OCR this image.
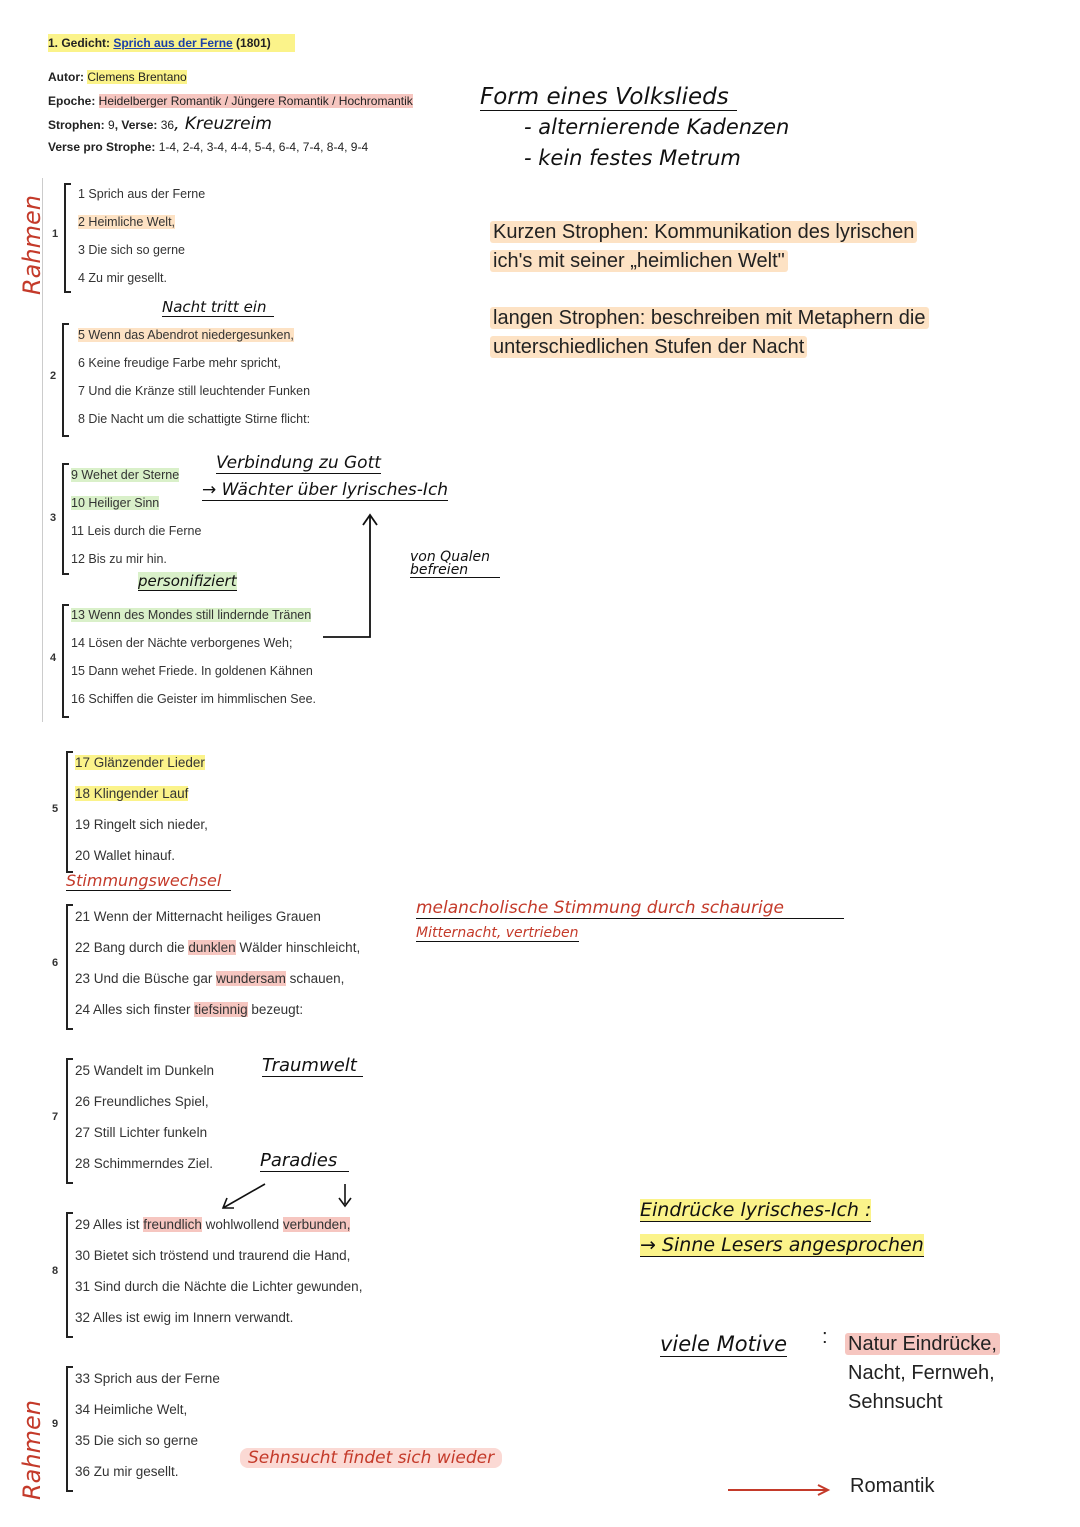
1. Gedicht: Sprich aus der Ferne (1801)
Autor: Clemens Brentano
Epoche: Heidelberger Romantik / Jüngere Romantik / Hochromantik
Strophen: 9, Verse: 36, Kreuzreim
Verse pro Strophe: 1-4, 2-4, 3-4, 4-4, 5-4, 6-4, 7-4, 8-4, 9-4
Rahmen
Rahmen
1
1 Sprich aus der Ferne
2 Heimliche Welt,
3 Die sich so gerne
4 Zu mir gesellt.
Nacht tritt ein
2
5 Wenn das Abendrot niedergesunken,
6 Keine freudige Farbe mehr spricht,
7 Und die Kränze still leuchtender Funken
8 Die Nacht um die schattigte Stirne flicht:
3
9 Wehet der Sterne
10 Heiliger Sinn
11 Leis durch die Ferne
12 Bis zu mir hin.
Verbindung zu Gott
→ Wächter über lyrisches-Ich
von Qualen
befreien
personifiziert
4
13 Wenn des Mondes still lindernde Tränen
14 Lösen der Nächte verborgenes Weh;
15 Dann wehet Friede. In goldenen Kähnen
16 Schiffen die Geister im himmlischen See.
5
17 Glänzender Lieder
18 Klingender Lauf
19 Ringelt sich nieder,
20 Wallet hinauf.
Stimmungswechsel
6
21 Wenn der Mitternacht heiliges Grauen
22 Bang durch die dunklen Wälder hinschleicht,
23 Und die Büsche gar wundersam schauen,
24 Alles sich finster tiefsinnig bezeugt:
melancholische Stimmung durch schaurige
Mitternacht, vertrieben
7
25 Wandelt im Dunkeln
26 Freundliches Spiel,
27 Still Lichter funkeln
28 Schimmerndes Ziel.
Traumwelt
Paradies
8
29 Alles ist freundlich wohlwollend verbunden,
30 Bietet sich tröstend und traurend die Hand,
31 Sind durch die Nächte die Lichter gewunden,
32 Alles ist ewig im Innern verwandt.
9
33 Sprich aus der Ferne
34 Heimliche Welt,
35 Die sich so gerne
36 Zu mir gesellt.
Sehnsucht findet sich wieder
Form eines Volkslieds
- alternierende Kadenzen
- kein festes Metrum
Kurzen Strophen: Kommunikation des lyrischen
ich's mit seiner „heimlichen Welt"
langen Strophen: beschreiben mit Metaphern die
unterschiedlichen Stufen der Nacht
Eindrücke lyrisches-Ich :
→ Sinne Lesers angesprochen
viele Motive : Natur Eindrücke,
Nacht, Fernweh,
Sehnsucht
Romantik
